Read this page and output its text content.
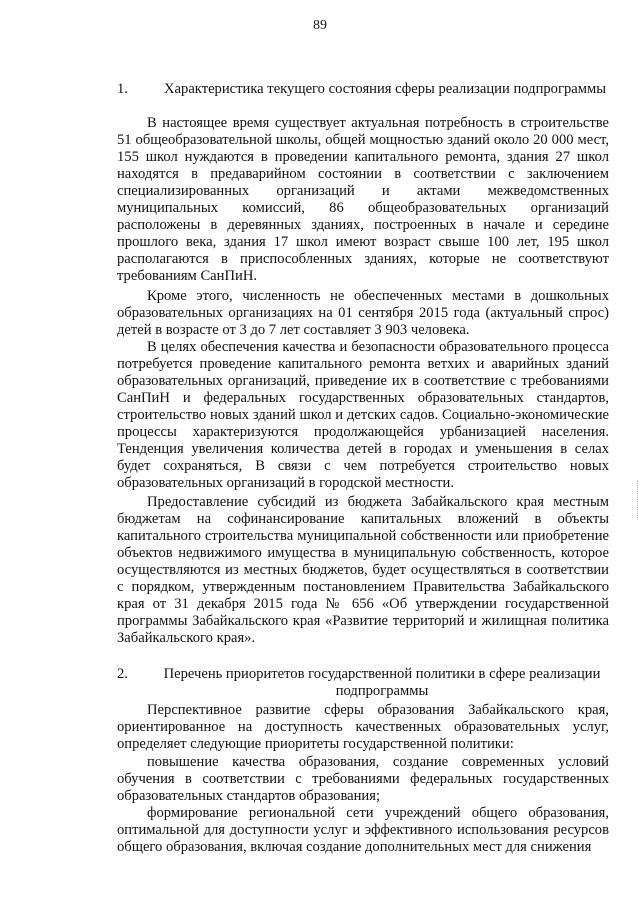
89
1.	Характеристика текущего состояния сферы реализации подпрограммы

В настоящее время существует актуальная потребность в строительстве 51 общеобразовательной школы, общей мощностью зданий около 20 000 мест, 155 школ нуждаются в проведении капитального ремонта, здания 27 школ находятся в предаварийном состоянии в соответствии с заключением специализированных организаций и актами межведомственных муниципальных комиссий, 86 общеобразовательных организаций расположены в деревянных зданиях, построенных в начале и середине прошлого века, здания 17 школ имеют возраст свыше 100 лет, 195 школ располагаются в приспособленных зданиях, которые не соответствуют требованиям СанПиН.

Кроме этого, численность не обеспеченных местами в дошкольных образовательных организациях на 01 сентября 2015 года (актуальный спрос) детей в возрасте от 3 до 7 лет составляет 3 903 человека.

В целях обеспечения качества и безопасности образовательного процесса потребуется проведение капитального ремонта ветхих и аварийных зданий образовательных организаций, приведение их в соответствие с требованиями СанПиН и федеральных государственных образовательных стандартов, строительство новых зданий школ и детских садов. Социально-экономические процессы характеризуются продолжающейся урбанизацией населения. Тенденция увеличения количества детей в городах и уменьшения в селах будет сохраняться, В связи с чем потребуется строительство новых образовательных организаций в городской местности.

Предоставление субсидий из бюджета Забайкальского края местным бюджетам на софинансирование капитальных вложений в объекты капитального строительства муниципальной собственности или приобретение объектов недвижимого имущества в муниципальную собственность, которое осуществляются из местных бюджетов, будет осуществляться в соответствии с порядком, утвержденным постановлением Правительства Забайкальского края от 31 декабря 2015 года № 656 «Об утверждении государственной программы Забайкальского края «Развитие территорий и жилищная политика Забайкальского края».

2.	Перечень приоритетов государственной политики в сфере реализации подпрограммы

Перспективное развитие сферы образования Забайкальского края, ориентированное на доступность качественных образовательных услуг, определяет следующие приоритеты государственной политики:

повышение качества образования, создание современных условий обучения в соответствии с требованиями федеральных государственных образовательных стандартов образования;

формирование региональной сети учреждений общего образования, оптимальной для доступности услуг и эффективного использования ресурсов общего образования, включая создание дополнительных мест для снижения
